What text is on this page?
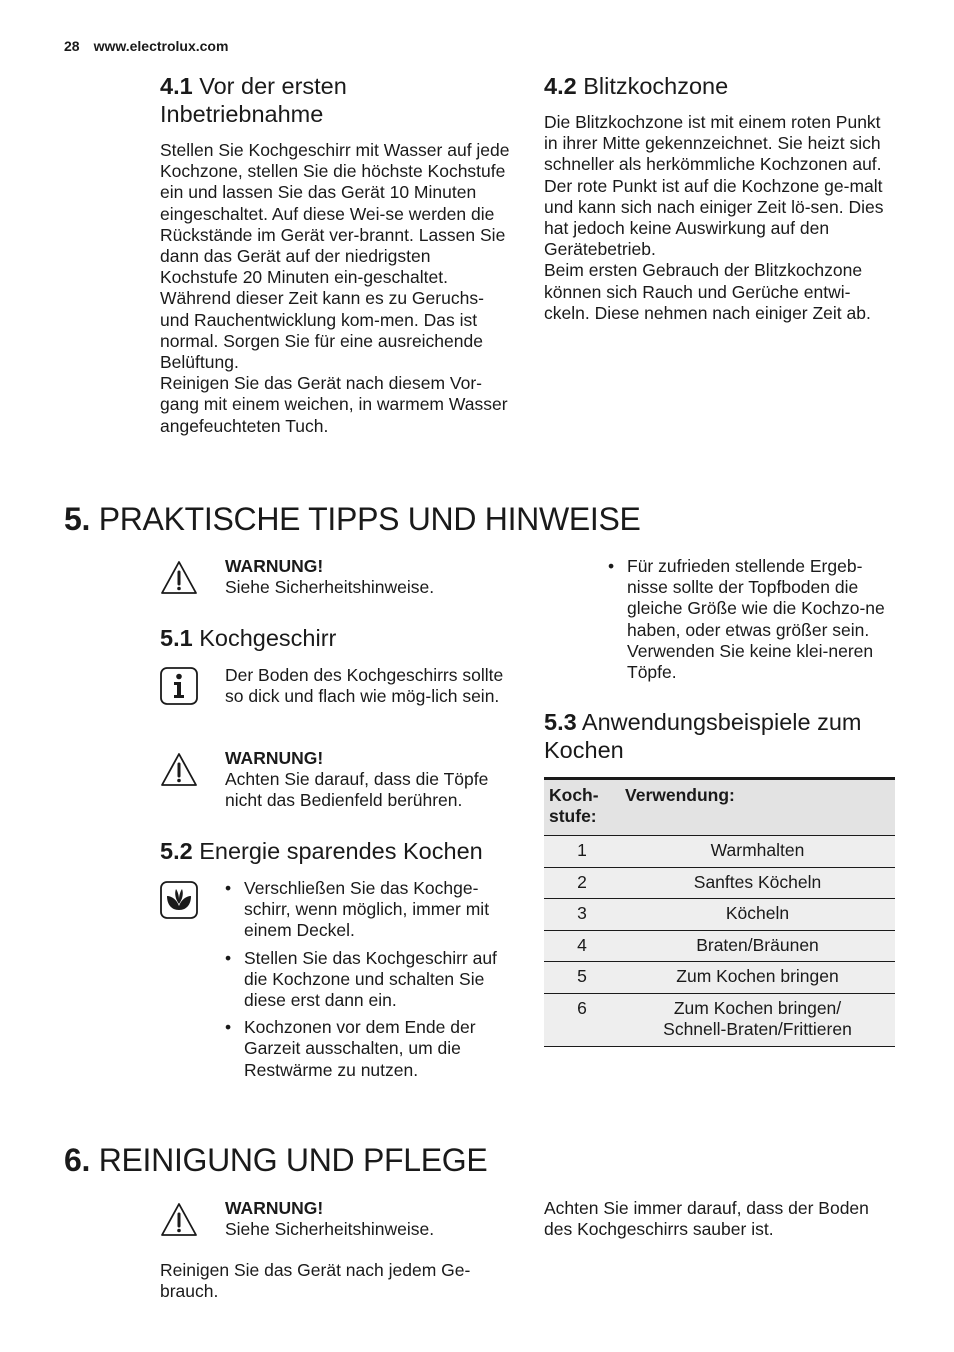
28 www.electrolux.com
4.1 Vor der ersten
Inbetriebnahme

Stellen Sie Kochgeschirr mit Wasser auf jede Kochzone, stellen Sie die höchste Kochstufe ein und lassen Sie das Gerät 10 Minuten eingeschaltet. Auf diese Wei-se werden die Rückstände im Gerät ver-brannt. Lassen Sie dann das Gerät auf der niedrigsten Kochstufe 20 Minuten ein-geschaltet. Während dieser Zeit kann es zu Geruchs- und Rauchentwicklung kom-men. Das ist normal. Sorgen Sie für eine ausreichende Belüftung.

Reinigen Sie das Gerät nach diesem Vor-gang mit einem weichen, in warmem Wasser angefeuchteten Tuch.

4.2 Blitzkochzone

Die Blitzkochzone ist mit einem roten Punkt in ihrer Mitte gekennzeichnet. Sie heizt sich schneller als herkömmliche Kochzonen auf.

Der rote Punkt ist auf die Kochzone ge-malt und kann sich nach einiger Zeit lö-sen. Dies hat jedoch keine Auswirkung auf den Gerätebetrieb.

Beim ersten Gebrauch der Blitzkochzone können sich Rauch und Gerüche entwi-ckeln. Diese nehmen nach einiger Zeit ab.

5. PRAKTISCHE TIPPS UND HINWEISE
WARNUNG!
Siehe Sicherheitshinweise.
5.1 Kochgeschirr
Der Boden des Kochgeschirrs sollte so dick und flach wie mög-lich sein.
WARNUNG!
Achten Sie darauf, dass die Töpfe nicht das Bedienfeld berühren.
5.2 Energie sparendes Kochen
• Verschließen Sie das Kochge-schirr, wenn möglich, immer mit einem Deckel.
• Stellen Sie das Kochgeschirr auf die Kochzone und schalten Sie diese erst dann ein.
• Kochzonen vor dem Ende der Garzeit ausschalten, um die Restwärme zu nutzen.
• Für zufrieden stellende Ergeb-nisse sollte der Topfboden die gleiche Größe wie die Kochzo-ne haben, oder etwas größer sein. Verwenden Sie keine klei-neren Töpfe.
5.3 Anwendungsbeispiele zum
Kochen
Koch-
stufe:	Verwendung:
1	Warmhalten
2	Sanftes Köcheln
3	Köcheln
4	Braten/Bräunen
5	Zum Kochen bringen
6	Zum Kochen bringen/
Schnell-Braten/Frittieren
6. REINIGUNG UND PFLEGE
WARNUNG!
Siehe Sicherheitshinweise.
Reinigen Sie das Gerät nach jedem Ge-brauch.
Achten Sie immer darauf, dass der Boden des Kochgeschirrs sauber ist.
